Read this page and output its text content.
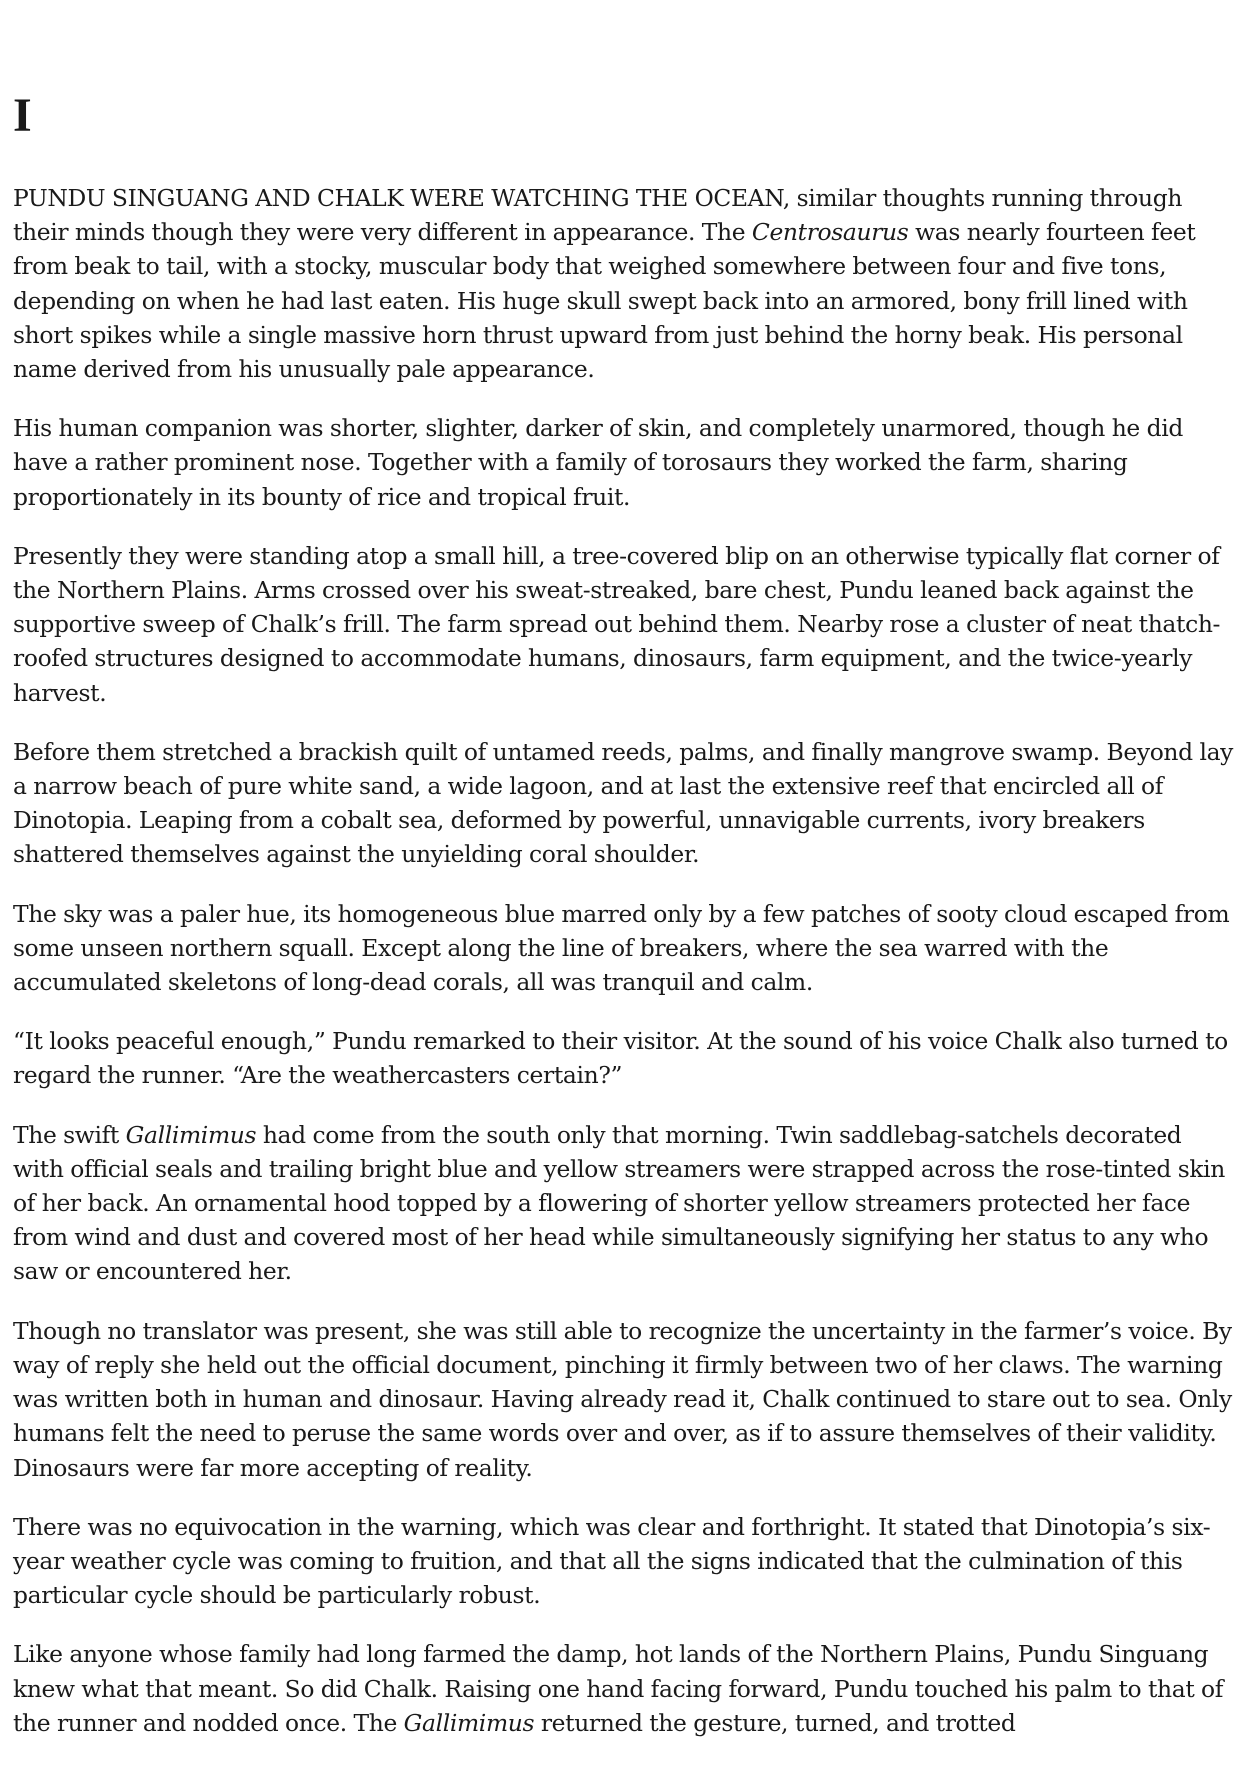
I

PUNDU SINGUANG AND CHALK WERE WATCHING THE OCEAN, similar thoughts running through their minds though they were very different in appearance. The Centrosaurus was nearly fourteen feet from beak to tail, with a stocky, muscular body that weighed somewhere between four and five tons, depending on when he had last eaten. His huge skull swept back into an armored, bony frill lined with short spikes while a single massive horn thrust upward from just behind the horny beak. His personal name derived from his unusually pale appearance.

His human companion was shorter, slighter, darker of skin, and completely unarmored, though he did have a rather prominent nose. Together with a family of torosaurs they worked the farm, sharing proportionately in its bounty of rice and tropical fruit.

Presently they were standing atop a small hill, a tree-covered blip on an otherwise typically flat corner of the Northern Plains. Arms crossed over his sweat-streaked, bare chest, Pundu leaned back against the supportive sweep of Chalk’s frill. The farm spread out behind them. Nearby rose a cluster of neat thatch-roofed structures designed to accommodate humans, dinosaurs, farm equipment, and the twice-yearly harvest.

Before them stretched a brackish quilt of untamed reeds, palms, and finally mangrove swamp. Beyond lay a narrow beach of pure white sand, a wide lagoon, and at last the extensive reef that encircled all of Dinotopia. Leaping from a cobalt sea, deformed by powerful, unnavigable currents, ivory breakers shattered themselves against the unyielding coral shoulder.

The sky was a paler hue, its homogeneous blue marred only by a few patches of sooty cloud escaped from some unseen northern squall. Except along the line of breakers, where the sea warred with the accumulated skeletons of long-dead corals, all was tranquil and calm.

“It looks peaceful enough,” Pundu remarked to their visitor. At the sound of his voice Chalk also turned to regard the runner. “Are the weathercasters certain?”

The swift Gallimimus had come from the south only that morning. Twin saddlebag-satchels decorated with official seals and trailing bright blue and yellow streamers were strapped across the rose-tinted skin of her back. An ornamental hood topped by a flowering of shorter yellow streamers protected her face from wind and dust and covered most of her head while simultaneously signifying her status to any who saw or encountered her.

Though no translator was present, she was still able to recognize the uncertainty in the farmer’s voice. By way of reply she held out the official document, pinching it firmly between two of her claws. The warning was written both in human and dinosaur. Having already read it, Chalk continued to stare out to sea. Only humans felt the need to peruse the same words over and over, as if to assure themselves of their validity. Dinosaurs were far more accepting of reality.

There was no equivocation in the warning, which was clear and forthright. It stated that Dinotopia’s six-year weather cycle was coming to fruition, and that all the signs indicated that the culmination of this particular cycle should be particularly robust.

Like anyone whose family had long farmed the damp, hot lands of the Northern Plains, Pundu Singuang knew what that meant. So did Chalk. Raising one hand facing forward, Pundu touched his palm to that of the runner and nodded once. The Gallimimus returned the gesture, turned, and trotted
